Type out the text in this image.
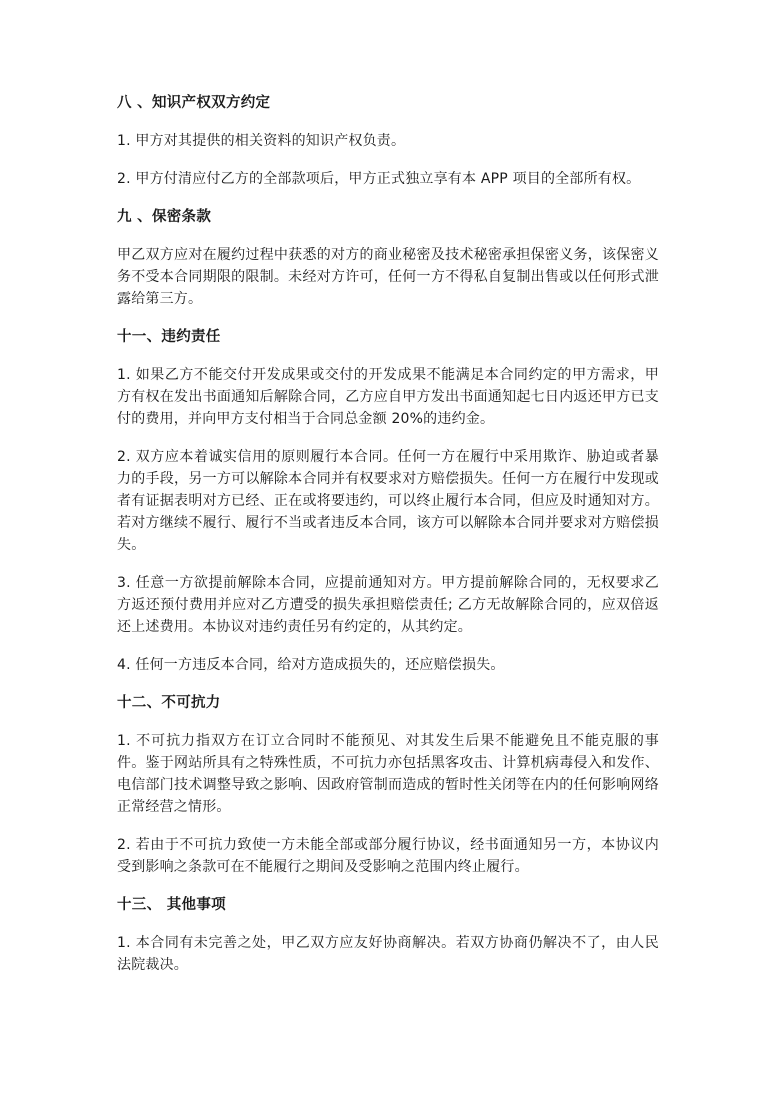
八 、知识产权双方约定
1. 甲方对其提供的相关资料的知识产权负责。
2. 甲方付清应付乙方的全部款项后，甲方正式独立享有本 APP 项目的全部所有权。
九 、保密条款
甲乙双方应对在履约过程中获悉的对方的商业秘密及技术秘密承担保密义务，该保密义务不受本合同期限的限制。未经对方许可，任何一方不得私自复制出售或以任何形式泄露给第三方。
十一、违约责任
1. 如果乙方不能交付开发成果或交付的开发成果不能满足本合同约定的甲方需求，甲方有权在发出书面通知后解除合同，乙方应自甲方发出书面通知起七日内返还甲方已支付的费用，并向甲方支付相当于合同总金额 20%的违约金。
2. 双方应本着诚实信用的原则履行本合同。任何一方在履行中采用欺诈、胁迫或者暴力的手段，另一方可以解除本合同并有权要求对方赔偿损失。任何一方在履行中发现或者有证据表明对方已经、正在或将要违约，可以终止履行本合同，但应及时通知对方。若对方继续不履行、履行不当或者违反本合同，该方可以解除本合同并要求对方赔偿损失。
3. 任意一方欲提前解除本合同，应提前通知对方。甲方提前解除合同的，无权要求乙方返还预付费用并应对乙方遭受的损失承担赔偿责任; 乙方无故解除合同的，应双倍返还上述费用。本协议对违约责任另有约定的，从其约定。
4. 任何一方违反本合同，给对方造成损失的，还应赔偿损失。
十二、不可抗力
1. 不可抗力指双方在订立合同时不能预见、对其发生后果不能避免且不能克服的事件。鉴于网站所具有之特殊性质，不可抗力亦包括黑客攻击、计算机病毒侵入和发作、电信部门技术调整导致之影响、因政府管制而造成的暂时性关闭等在内的任何影响网络正常经营之情形。
2. 若由于不可抗力致使一方未能全部或部分履行协议，经书面通知另一方，本协议内受到影响之条款可在不能履行之期间及受影响之范围内终止履行。
十三、 其他事项
1. 本合同有未完善之处，甲乙双方应友好协商解决。若双方协商仍解决不了，由人民法院裁决。
